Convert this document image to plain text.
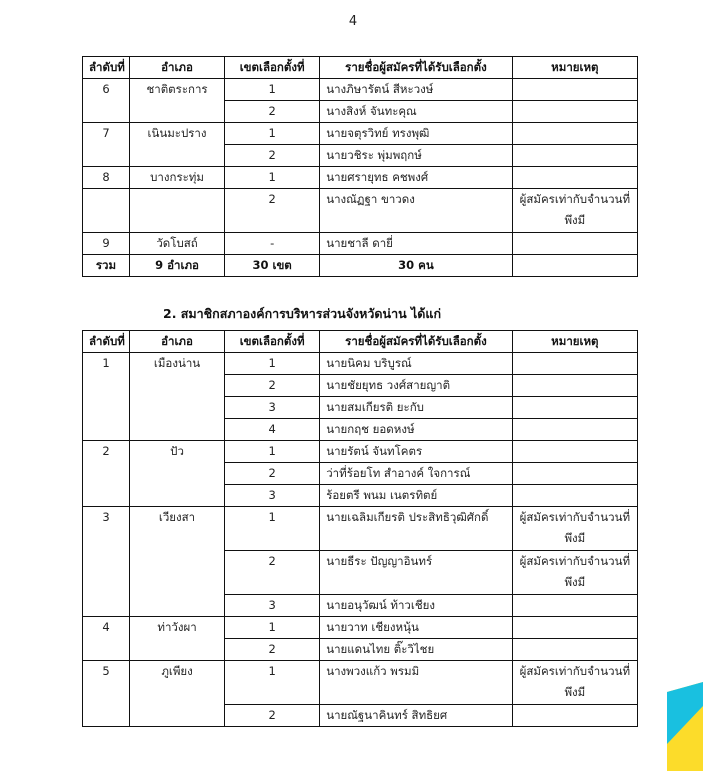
4
ลำดับที่	อำเภอ	เขตเลือกตั้งที่	รายชื่อผู้สมัครที่ได้รับเลือกตั้ง	หมายเหตุ
6	ชาติตระการ	1	นางภิษารัตน์ สีหะวงษ์	
		2	นางสิงห์ จันทะคุณ	
7	เนินมะปราง	1	นายจตุรวิทย์ ทรงพุฒิ	
		2	นายวชิระ พุ่มพฤกษ์	
8	บางกระทุ่ม	1	นายศรายุทธ คชพงศ์	
		2	นางณัฏฐา ขาวดง	ผู้สมัครเท่ากับจำนวนที่พึงมี
9	วัดโบสถ์	-	นายชาลี ดายี่	
รวม	9 อำเภอ	30 เขต	30 คน	
2. สมาชิกสภาองค์การบริหารส่วนจังหวัดน่าน ได้แก่
ลำดับที่	อำเภอ	เขตเลือกตั้งที่	รายชื่อผู้สมัครที่ได้รับเลือกตั้ง	หมายเหตุ
1	เมืองน่าน	1	นายนิคม บริบูรณ์	
		2	นายชัยยุทธ วงศ์สายญาติ	
		3	นายสมเกียรติ ยะกับ	
		4	นายกฤช ยอดหงษ์	
2	ปัว	1	นายรัตน์ จันทโคตร	
		2	ว่าที่ร้อยโท สำอางค์ ใจการณ์	
		3	ร้อยตรี พนม เนตรทิตย์	
3	เวียงสา	1	นายเฉลิมเกียรติ ประสิทธิวุฒิศักดิ์	ผู้สมัครเท่ากับจำนวนที่พึงมี
		2	นายธีระ ปัญญาอินทร์	ผู้สมัครเท่ากับจำนวนที่พึงมี
		3	นายอนุวัฒน์ ท้าวเชียง	
4	ท่าวังผา	1	นายวาท เชียงหนุ้น	
		2	นายแดนไทย ติ๊ะวิไชย	
5	ภูเพียง	1	นางพวงแก้ว พรมมิ	ผู้สมัครเท่ากับจำนวนที่พึงมี
		2	นายณัฐนาคินทร์ สิทธิยศ	
